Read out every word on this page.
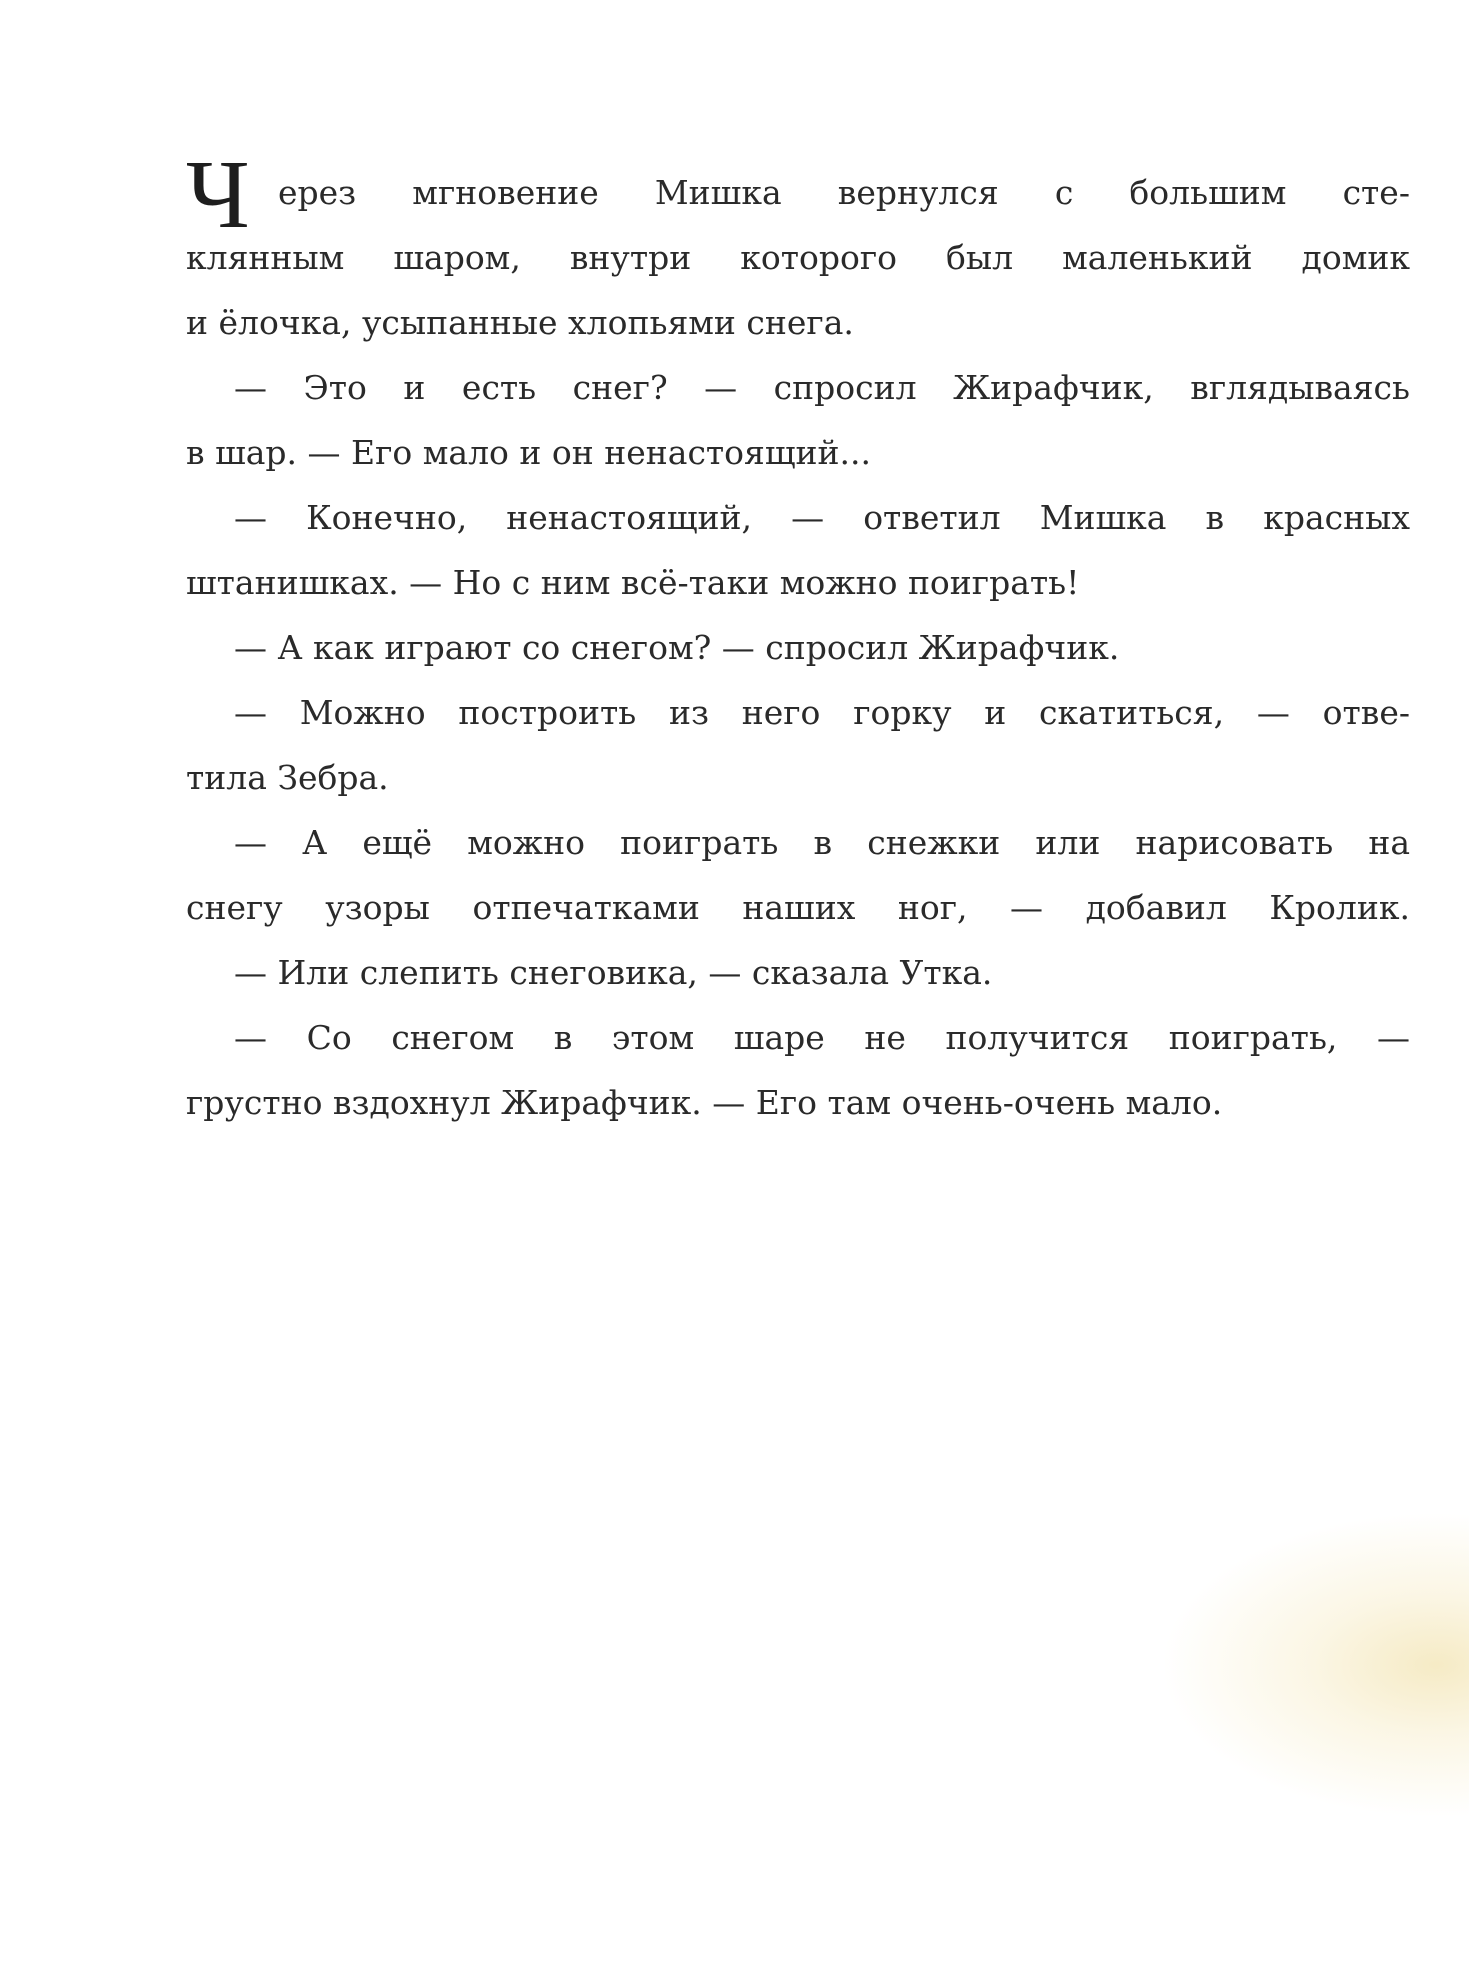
Ч ерез мгновение Мишка вернулся с большим сте-
клянным шаром, внутри которого был маленький домик
и ёлочка, усыпанные хлопьями снега.
— Это и есть снег? — спросил Жирафчик, вглядываясь
в шар. — Его мало и он ненастоящий...
— Конечно, ненастоящий, — ответил Мишка в красных
штанишках. — Но с ним всё-таки можно поиграть!
— А как играют со снегом? — спросил Жирафчик.
— Можно построить из него горку и скатиться, — отве-
тила Зебра.
— А ещё можно поиграть в снежки или нарисовать на
снегу узоры отпечатками наших ног, — добавил Кролик.
— Или слепить снеговика, — сказала Утка.
— Со снегом в этом шаре не получится поиграть, —
грустно вздохнул Жирафчик. — Его там очень-очень мало.
